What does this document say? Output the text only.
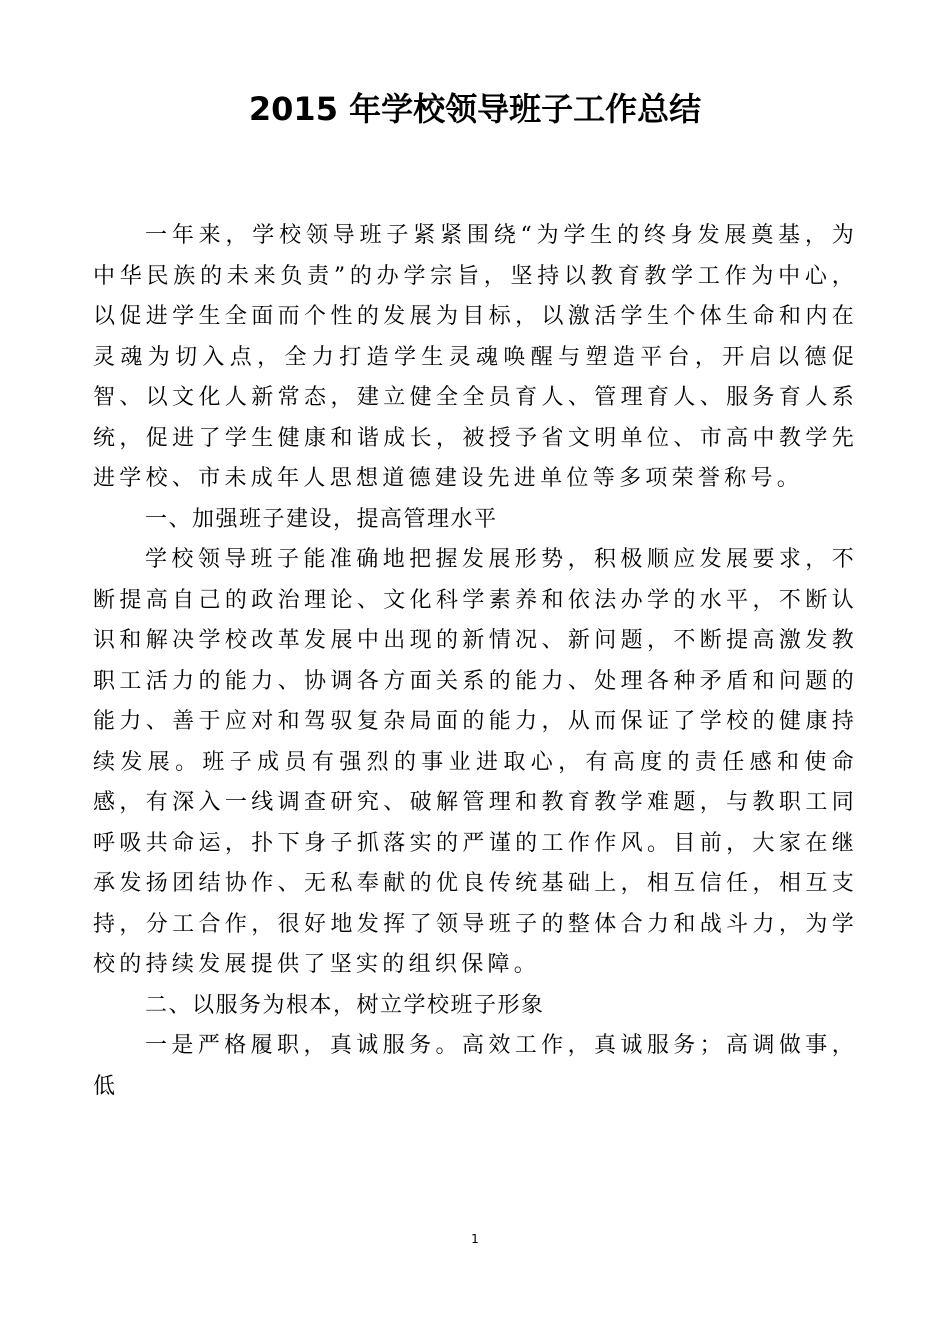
2015 年学校领导班子工作总结

一年来，学校领导班子紧紧围绕“为学生的终身发展奠基，为中华民族的未来负责”的办学宗旨，坚持以教育教学工作为中心，以促进学生全面而个性的发展为目标，以激活学生个体生命和内在灵魂为切入点，全力打造学生灵魂唤醒与塑造平台，开启以德促智、以文化人新常态，建立健全全员育人、管理育人、服务育人系统，促进了学生健康和谐成长，被授予省文明单位、市高中教学先进学校、市未成年人思想道德建设先进单位等多项荣誉称号。

一、加强班子建设，提高管理水平

学校领导班子能准确地把握发展形势，积极顺应发展要求，不断提高自己的政治理论、文化科学素养和依法办学的水平，不断认识和解决学校改革发展中出现的新情况、新问题，不断提高激发教职工活力的能力、协调各方面关系的能力、处理各种矛盾和问题的能力、善于应对和驾驭复杂局面的能力，从而保证了学校的健康持续发展。班子成员有强烈的事业进取心，有高度的责任感和使命感，有深入一线调查研究、破解管理和教育教学难题，与教职工同呼吸共命运，扑下身子抓落实的严谨的工作作风。目前，大家在继承发扬团结协作、无私奉献的优良传统基础上，相互信任，相互支持，分工合作，很好地发挥了领导班子的整体合力和战斗力，为学校的持续发展提供了坚实的组织保障。

二、以服务为根本，树立学校班子形象

一是严格履职，真诚服务。高效工作，真诚服务；高调做事，低

1
